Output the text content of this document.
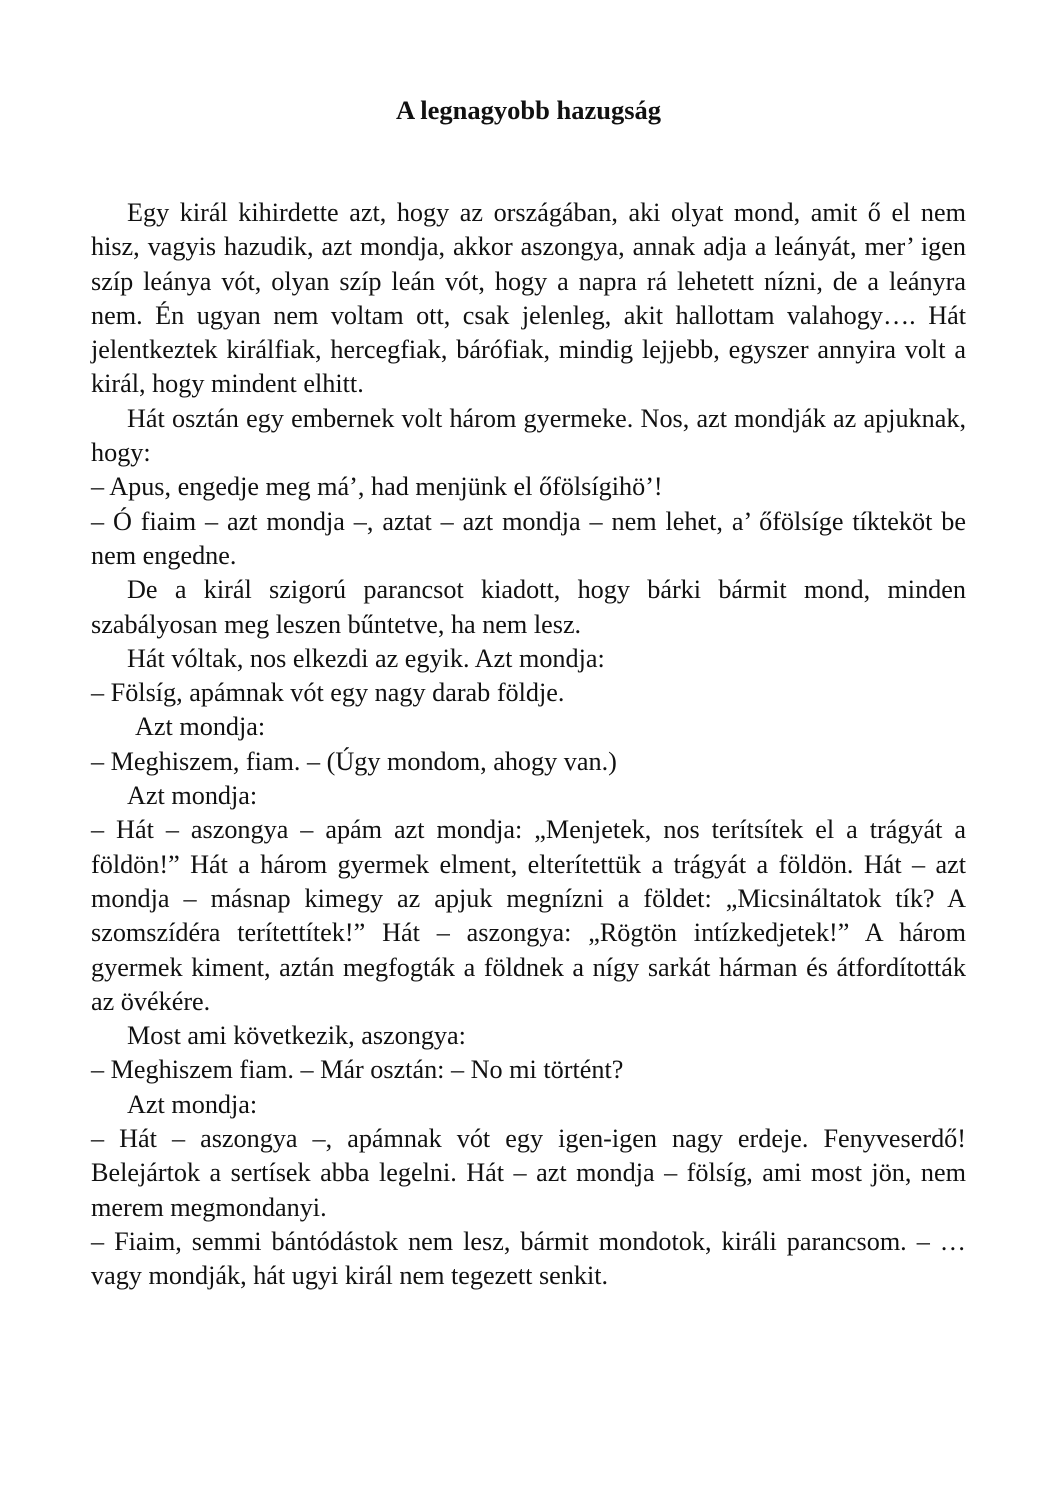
A legnagyobb hazugság

Egy királ kihirdette azt, hogy az országában, aki olyat mond, amit ő el nem hisz, vagyis hazudik, azt mondja, akkor aszongya, annak adja a leányát, mer’ igen szíp leánya vót, olyan szíp leán vót, hogy a napra rá lehetett nízni, de a leányra nem. Én ugyan nem voltam ott, csak jelenleg, akit hallottam valahogy…. Hát jelentkeztek királfiak, hercegfiak, bárófiak, mindig lejjebb, egyszer annyira volt a királ, hogy mindent elhitt.

Hát osztán egy embernek volt három gyermeke. Nos, azt mondják az apjuknak, hogy:

– Apus, engedje meg má’, had menjünk el őfölsígihö’!

– Ó fiaim – azt mondja –, aztat – azt mondja – nem lehet, a’ őfölsíge tíkteköt be nem engedne.

De a királ szigorú parancsot kiadott, hogy bárki bármit mond, minden szabályosan meg leszen bűntetve, ha nem lesz.

Hát vóltak, nos elkezdi az egyik. Azt mondja:

– Fölsíg, apámnak vót egy nagy darab földje.

Azt mondja:

– Meghiszem, fiam. – (Úgy mondom, ahogy van.)

Azt mondja:

– Hát – aszongya – apám azt mondja: „Menjetek, nos terítsítek el a trágyát a földön!” Hát a három gyermek elment, elterítettük a trágyát a földön. Hát – azt mondja – másnap kimegy az apjuk megnízni a földet: „Micsináltatok tík? A szomszídéra terítettítek!” Hát – aszongya: „Rögtön intízkedjetek!” A három gyermek kiment, aztán megfogták a földnek a nígy sarkát hárman és átfordították az övékére.

Most ami következik, aszongya:

– Meghiszem fiam. – Már osztán: – No mi történt?

Azt mondja:

– Hát – aszongya –, apámnak vót egy igen-igen nagy erdeje. Fenyveserdő! Belejártok a sertísek abba legelni. Hát – azt mondja – fölsíg, ami most jön, nem merem megmondanyi.

– Fiaim, semmi bántódástok nem lesz, bármit mondotok, királi parancsom. – …vagy mondják, hát ugyi királ nem tegezett senkit.
